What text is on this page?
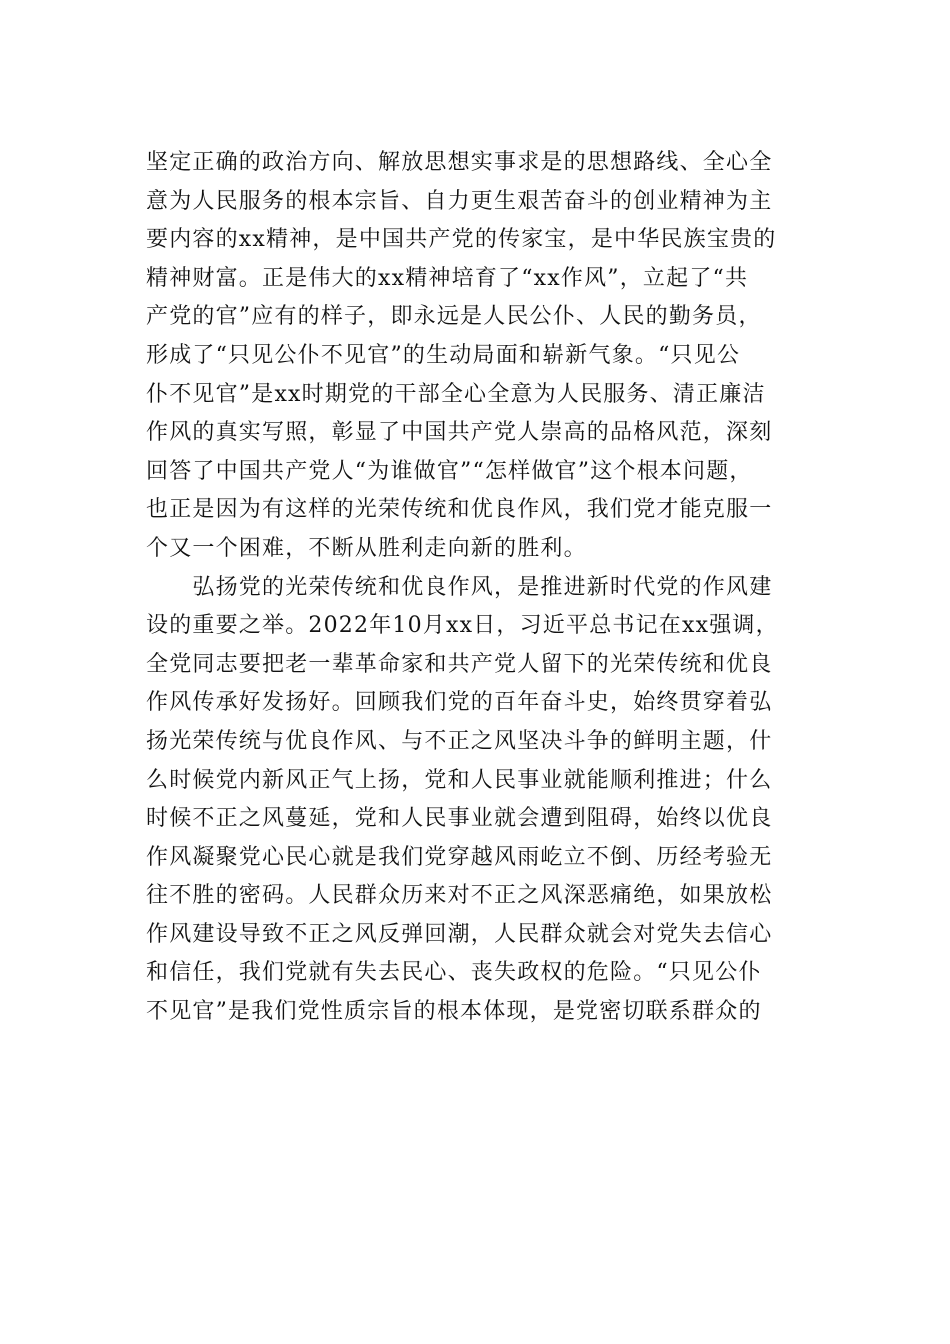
坚定正确的政治方向、解放思想实事求是的思想路线、全心全
意为人民服务的根本宗旨、自力更生艰苦奋斗的创业精神为主
要内容的xx精神，是中国共产党的传家宝，是中华民族宝贵的
精神财富。正是伟大的xx精神培育了“xx作风”，立起了“共
产党的官”应有的样子，即永远是人民公仆、人民的勤务员，
形成了“只见公仆不见官”的生动局面和崭新气象。“只见公
仆不见官”是xx时期党的干部全心全意为人民服务、清正廉洁
作风的真实写照，彰显了中国共产党人崇高的品格风范，深刻
回答了中国共产党人“为谁做官”“怎样做官”这个根本问题，
也正是因为有这样的光荣传统和优良作风，我们党才能克服一
个又一个困难，不断从胜利走向新的胜利。
　　弘扬党的光荣传统和优良作风，是推进新时代党的作风建
设的重要之举。2022年10月xx日，习近平总书记在xx强调，
全党同志要把老一辈革命家和共产党人留下的光荣传统和优良
作风传承好发扬好。回顾我们党的百年奋斗史，始终贯穿着弘
扬光荣传统与优良作风、与不正之风坚决斗争的鲜明主题，什
么时候党内新风正气上扬，党和人民事业就能顺利推进；什么
时候不正之风蔓延，党和人民事业就会遭到阻碍，始终以优良
作风凝聚党心民心就是我们党穿越风雨屹立不倒、历经考验无
往不胜的密码。人民群众历来对不正之风深恶痛绝，如果放松
作风建设导致不正之风反弹回潮，人民群众就会对党失去信心
和信任，我们党就有失去民心、丧失政权的危险。“只见公仆
不见官”是我们党性质宗旨的根本体现，是党密切联系群众的
